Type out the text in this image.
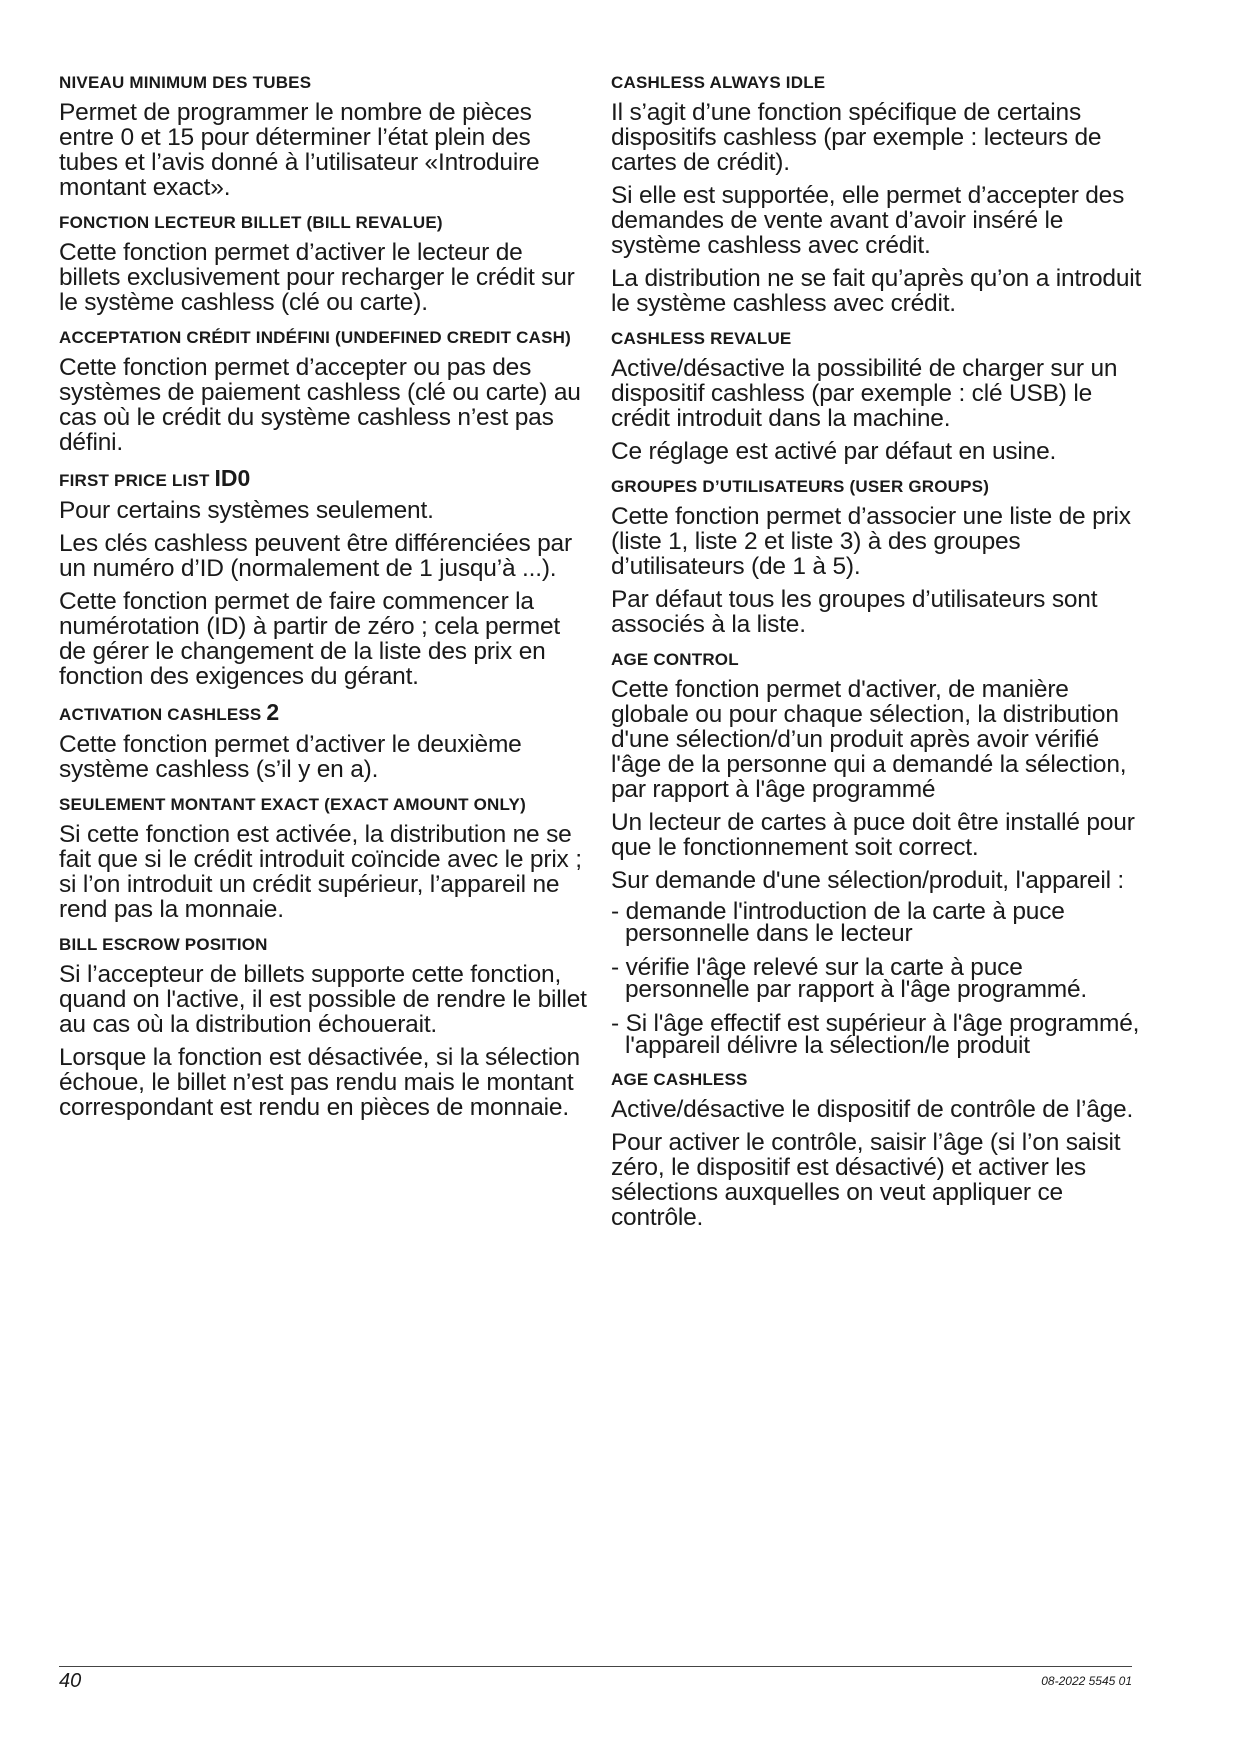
NIVEAU MINIMUM DES TUBES

Permet de programmer le nombre de pièces entre 0 et 15 pour déterminer l’état plein des tubes et l’avis donné à l’utilisateur «Introduire montant exact».

FONCTION LECTEUR BILLET (BILL REVALUE)

Cette fonction permet d’activer le lecteur de billets exclusivement pour recharger le crédit sur le système cashless (clé ou carte).

ACCEPTATION CRÉDIT INDÉFINI (UNDEFINED CREDIT CASH)

Cette fonction permet d’accepter ou pas des systèmes de paiement cashless (clé ou carte) au cas où le crédit du système cashless n’est pas défini.

FIRST PRICE LIST ID0

Pour certains systèmes seulement.

Les clés cashless peuvent être différenciées par un numéro d’ID (normalement de 1 jusqu’à ...).

Cette fonction permet de faire commencer la numérotation (ID) à partir de zéro ; cela permet de gérer le changement de la liste des prix en fonction des exigences du gérant.

ACTIVATION CASHLESS 2

Cette fonction permet d’activer le deuxième système cashless (s’il y en a).

SEULEMENT MONTANT EXACT (EXACT AMOUNT ONLY)

Si cette fonction est activée, la distribution ne se fait que si le crédit introduit coïncide avec le prix ; si l’on introduit un crédit supérieur, l’appareil ne rend pas la monnaie.

BILL ESCROW POSITION

Si l’accepteur de billets supporte cette fonction, quand on l'active, il est possible de rendre le billet au cas où la distribution échouerait.

Lorsque la fonction est désactivée, si la sélection échoue, le billet n’est pas rendu mais le montant correspondant est rendu en pièces de monnaie.

CASHLESS ALWAYS IDLE

Il s’agit d’une fonction spécifique de certains dispositifs cashless (par exemple : lecteurs de cartes de crédit).

Si elle est supportée, elle permet d’accepter des demandes de vente avant d’avoir inséré le système cashless avec crédit.

La distribution ne se fait qu’après qu’on a introduit le système cashless avec crédit.

CASHLESS REVALUE

Active/désactive la possibilité de charger sur un dispositif cashless (par exemple : clé USB) le crédit introduit dans la machine.

Ce réglage est activé par défaut en usine.

GROUPES D’UTILISATEURS (USER GROUPS)

Cette fonction permet d’associer une liste de prix (liste 1, liste 2 et liste 3) à des groupes d’utilisateurs (de 1 à 5).

Par défaut tous les groupes d’utilisateurs sont associés à la liste.

AGE CONTROL

Cette fonction permet d'activer, de manière globale ou pour chaque sélection, la distribution d'une sélection/d’un produit après avoir vérifié l'âge de la personne qui a demandé la sélection, par rapport à l'âge programmé

Un lecteur de cartes à puce doit être installé pour que le fonctionnement soit correct.

Sur demande d'une sélection/produit, l'appareil :

- demande l'introduction de la carte à puce personnelle dans le lecteur
- vérifie l'âge relevé sur la carte à puce personnelle par rapport à l'âge programmé.
- Si l'âge effectif est supérieur à l'âge programmé, l'appareil délivre la sélection/le produit
AGE CASHLESS

Active/désactive le dispositif de contrôle de l’âge.

Pour activer le contrôle, saisir l’âge (si l’on saisit zéro, le dispositif est désactivé) et activer les sélections auxquelles on veut appliquer ce contrôle.

40	08-2022 5545 01
